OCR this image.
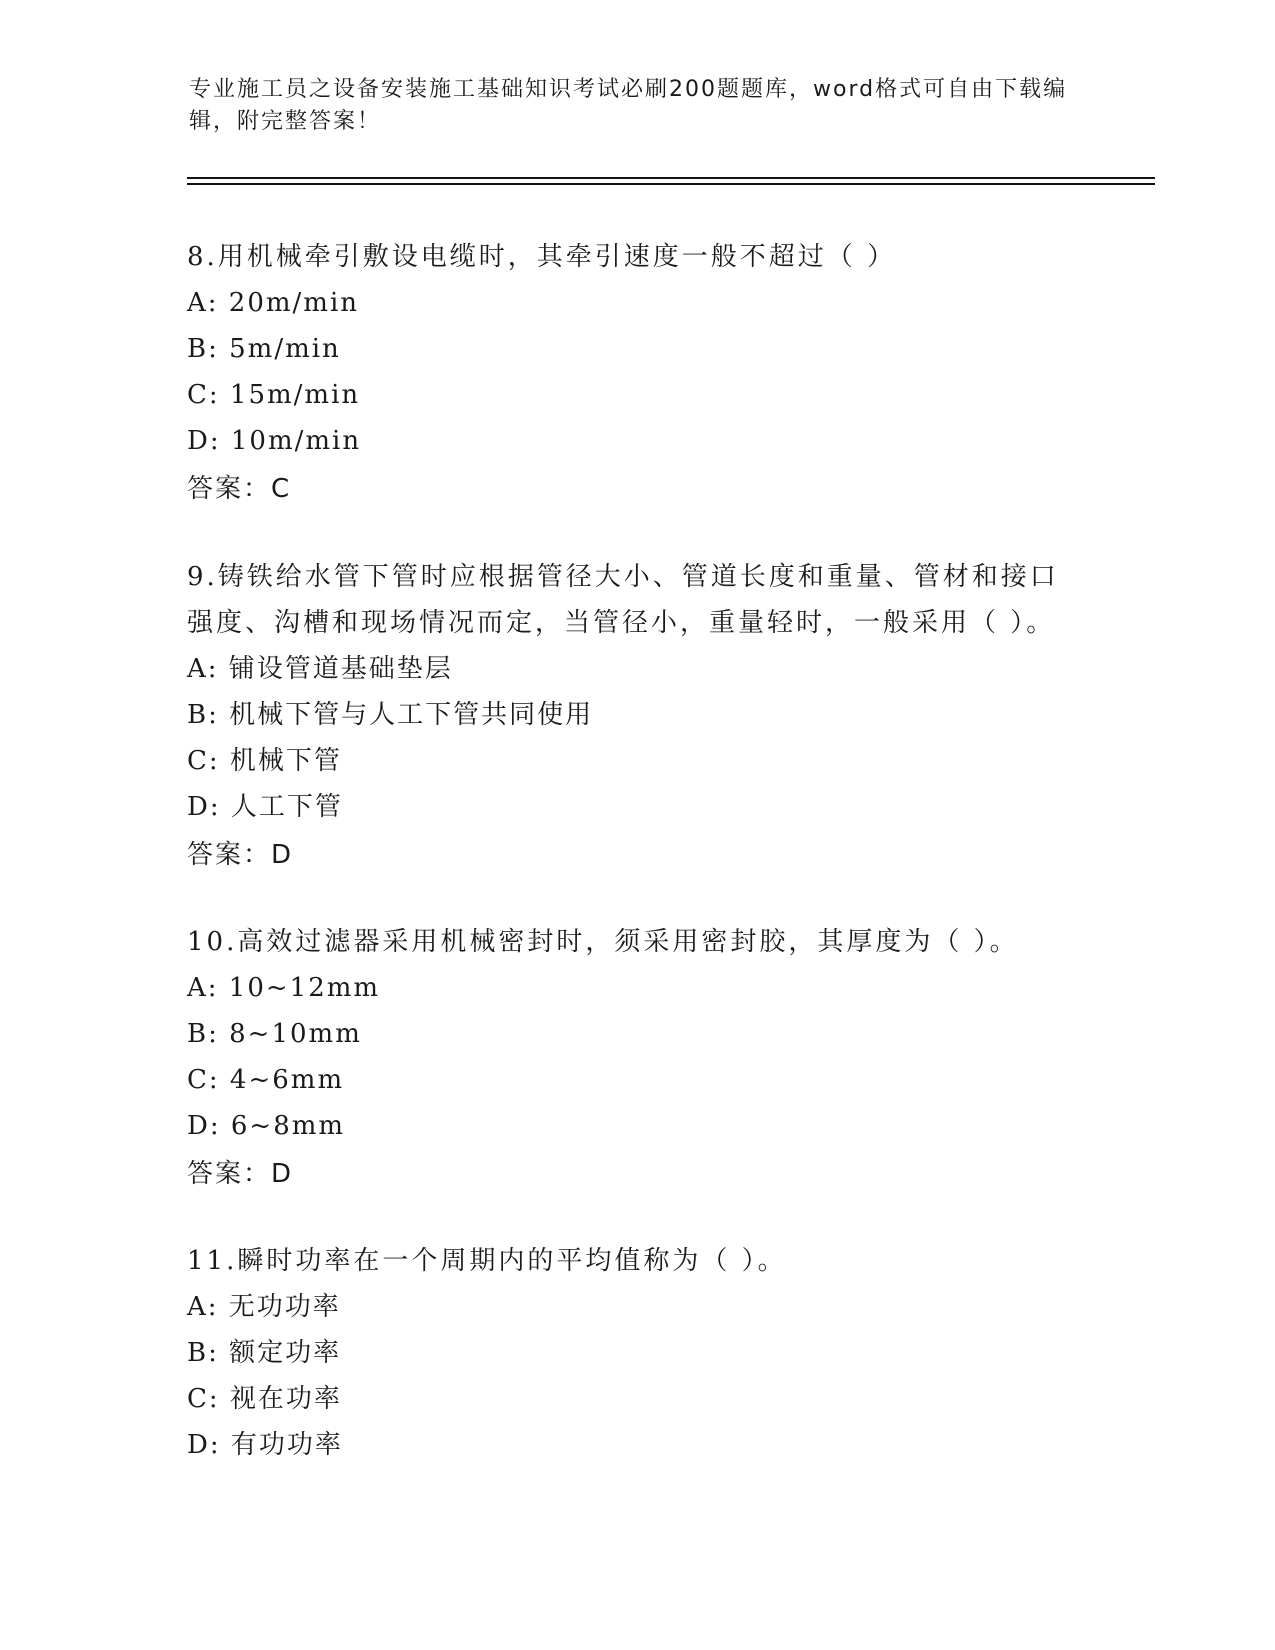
专业施工员之设备安装施工基础知识考试必刷200题题库，word格式可自由下载编辑，附完整答案！

8.用机械牵引敷设电缆时，其牵引速度一般不超过（ ）

A: 20m/min
B: 5m/min
C: 15m/min
D: 10m/min
答案：C

9.铸铁给水管下管时应根据管径大小、管道长度和重量、管材和接口强度、沟槽和现场情况而定，当管径小，重量轻时，一般采用（ ）。

A: 铺设管道基础垫层
B: 机械下管与人工下管共同使用
C: 机械下管
D: 人工下管
答案：D

10.高效过滤器采用机械密封时，须采用密封胶，其厚度为（ ）。

A: 10~12mm
B: 8~10mm
C: 4~6mm
D: 6~8mm
答案：D

11.瞬时功率在一个周期内的平均值称为（ ）。

A: 无功功率
B: 额定功率
C: 视在功率
D: 有功功率
